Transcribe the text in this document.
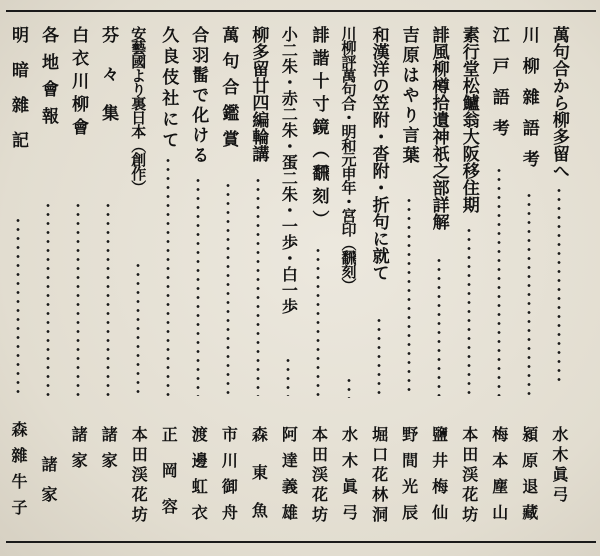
萬句合から柳多留へ
水木眞弓
川柳雜語考
潁原退藏
江戸語考
梅本塵山
素行堂松鱸翁大阪移住期
本田渓花坊
誹風柳樽拾遺神祇之部詳解
鹽井梅仙
吉原はやり言葉
野間光辰
和漢洋の笠附・沓附・折句に就て
堀口花林洞
川柳評萬句合・明和元申年・宮印（飜刻）
水木眞弓
誹諧十寸鏡（飜刻）
本田渓花坊
小二朱・赤二朱・蛋二朱・一歩・白一歩
阿達義雄
柳多留廿四編輪講
森東魚
萬句合鑑賞
市川御舟
合羽髷で化ける
渡邊虹衣
久良伎社にて
正岡容
安藝國より裏日本（創作）
本田渓花坊
芬々集
諸家
白衣川柳會
諸家
各地會報
諸家
明暗雜記
森雜牛子
